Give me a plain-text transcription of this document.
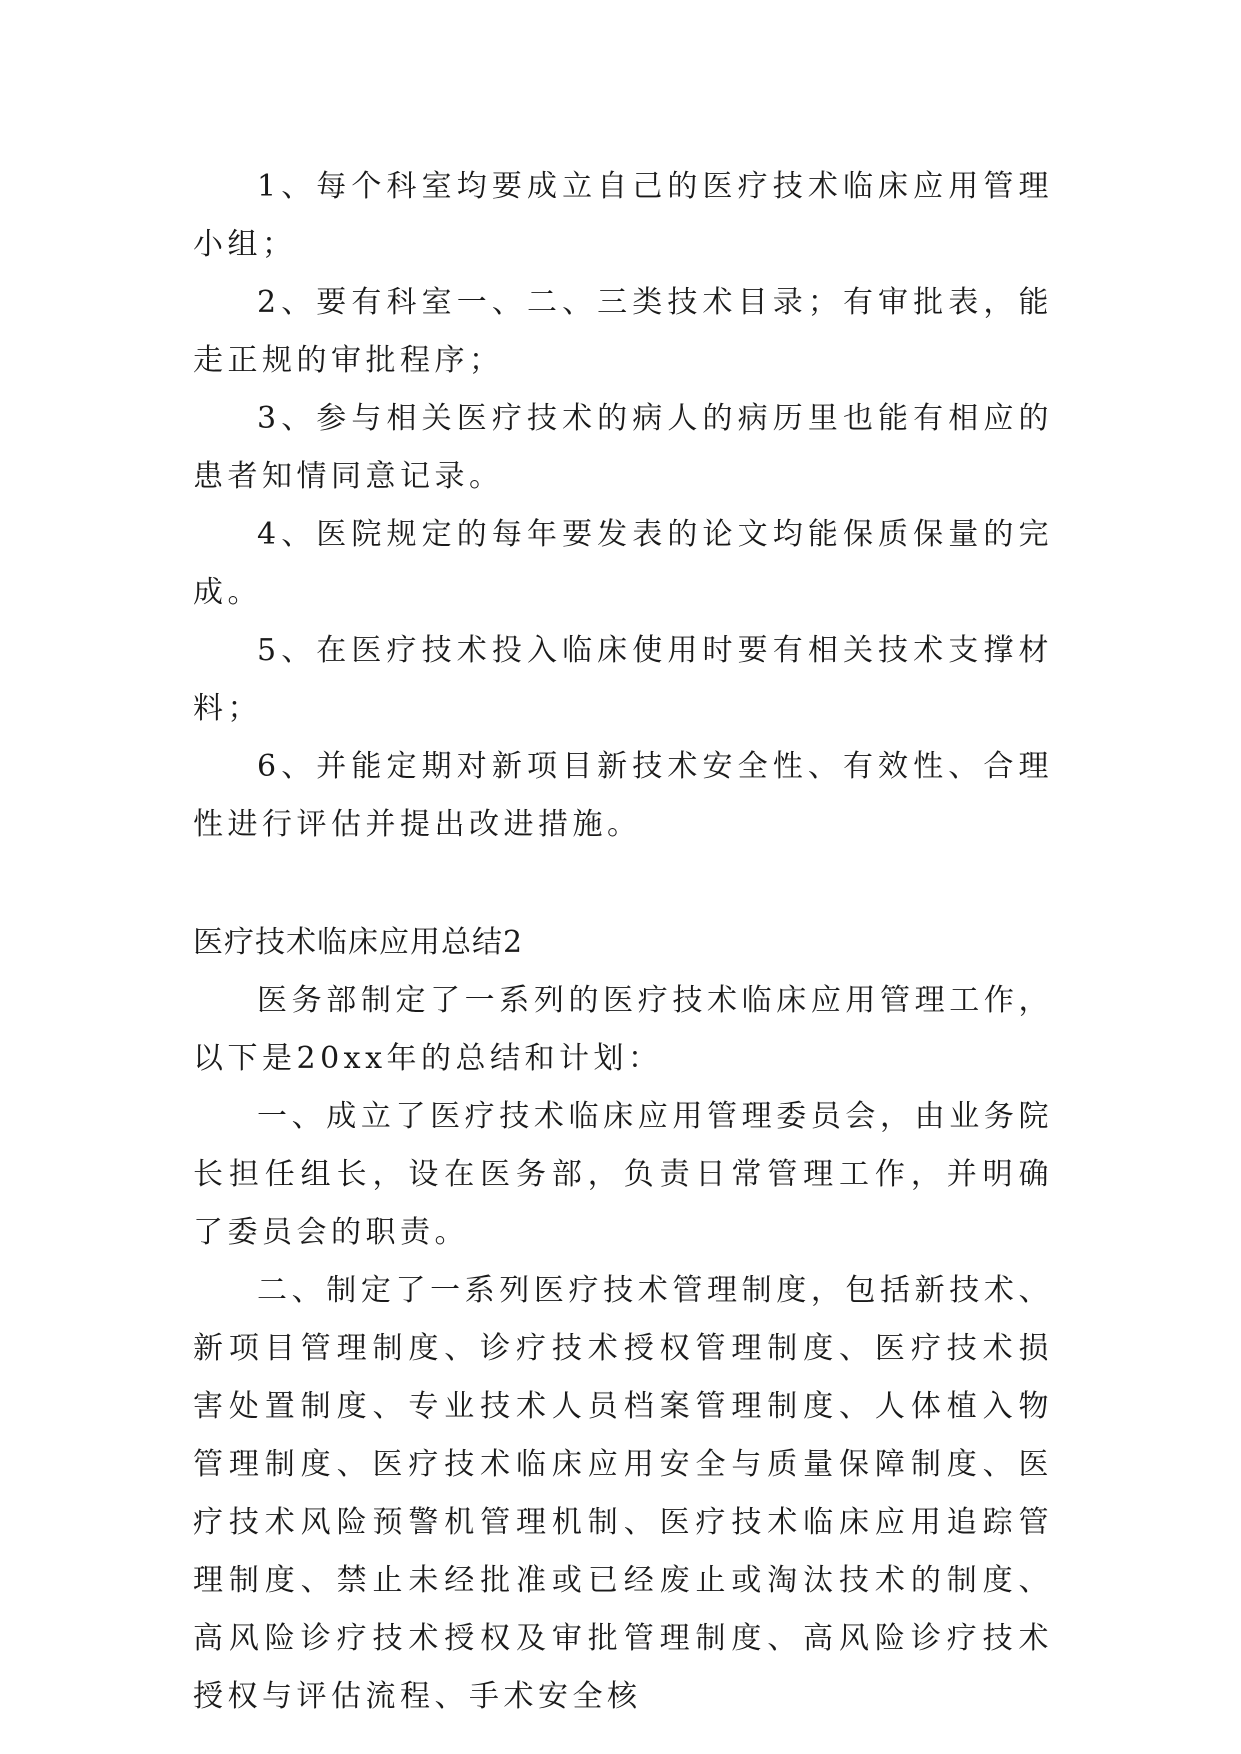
1、每个科室均要成立自己的医疗技术临床应用管理小组；

2、要有科室一、二、三类技术目录；有审批表，能走正规的审批程序；

3、参与相关医疗技术的病人的病历里也能有相应的患者知情同意记录。

4、医院规定的每年要发表的论文均能保质保量的完成。

5、在医疗技术投入临床使用时要有相关技术支撑材料；

6、并能定期对新项目新技术安全性、有效性、合理性进行评估并提出改进措施。

医疗技术临床应用总结2

医务部制定了一系列的医疗技术临床应用管理工作，以下是20xx年的总结和计划：

一、成立了医疗技术临床应用管理委员会，由业务院长担任组长，设在医务部，负责日常管理工作，并明确了委员会的职责。

二、制定了一系列医疗技术管理制度，包括新技术、新项目管理制度、诊疗技术授权管理制度、医疗技术损害处置制度、专业技术人员档案管理制度、人体植入物管理制度、医疗技术临床应用安全与质量保障制度、医疗技术风险预警机管理机制、医疗技术临床应用追踪管理制度、禁止未经批准或已经废止或淘汰技术的制度、高风险诊疗技术授权及审批管理制度、高风险诊疗技术授权与评估流程、手术安全核
